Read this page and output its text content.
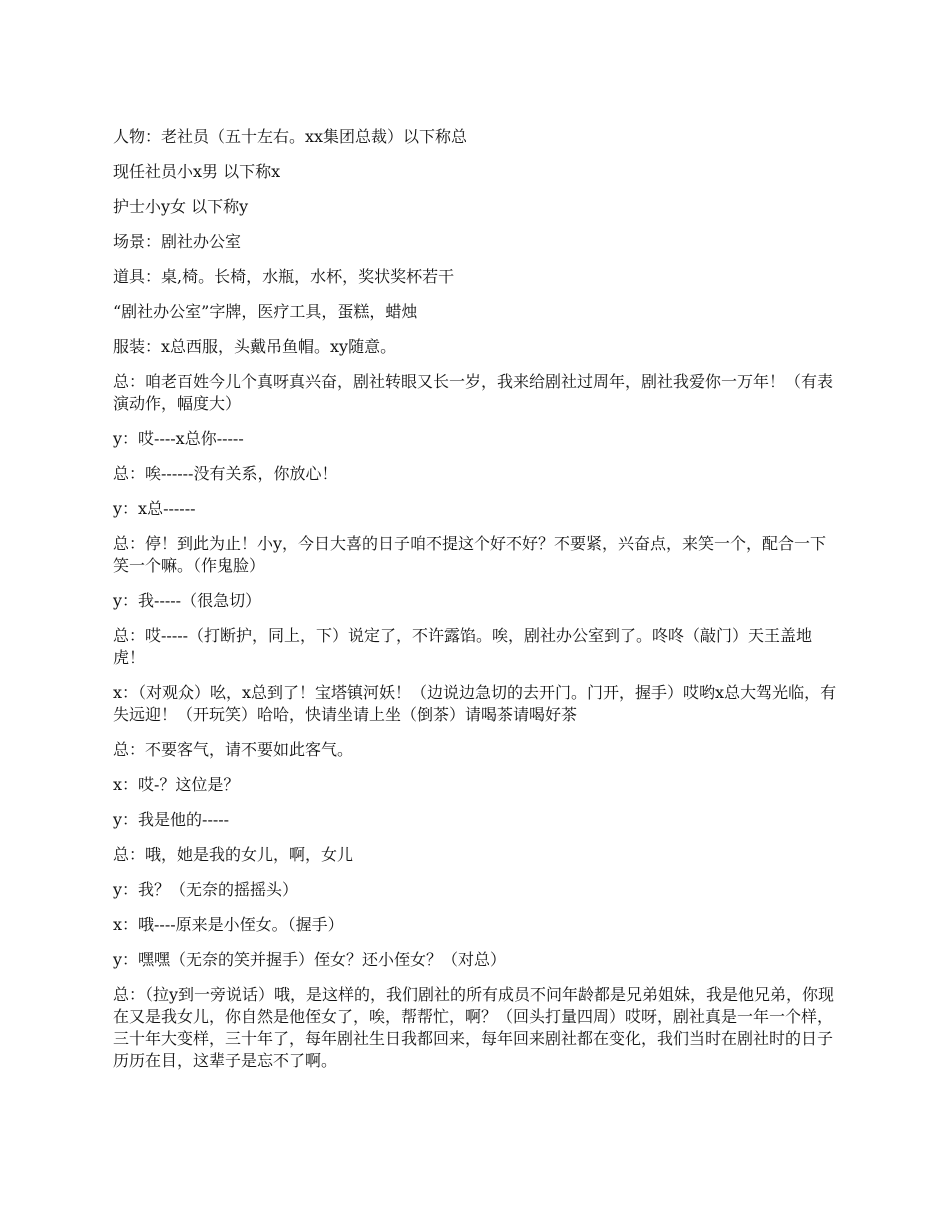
人物：老社员（五十左右。xx集团总裁）以下称总

现任社员小x男 以下称x

护士小y女 以下称y

场景：剧社办公室

道具：桌,椅。长椅，水瓶，水杯，奖状奖杯若干

“剧社办公室”字牌，医疗工具，蛋糕，蜡烛

服装：x总西服，头戴吊鱼帽。xy随意。

总：咱老百姓今儿个真呀真兴奋，剧社转眼又长一岁，我来给剧社过周年，剧社我爱你一万年！（有表演动作，幅度大）

y：哎----x总你-----

总：唉------没有关系，你放心！

y：x总------

总：停！到此为止！小y，今日大喜的日子咱不提这个好不好？不要紧，兴奋点，来笑一个，配合一下笑一个嘛。（作鬼脸）

y：我-----（很急切）

总：哎-----（打断护，同上，下）说定了，不许露馅。唉，剧社办公室到了。咚咚（敲门）天王盖地虎！

x：（对观众）吆，x总到了！宝塔镇河妖！（边说边急切的去开门。门开，握手）哎哟x总大驾光临，有失远迎！（开玩笑）哈哈，快请坐请上坐（倒茶）请喝茶请喝好茶

总：不要客气，请不要如此客气。

x：哎-？这位是？

y：我是他的-----

总：哦，她是我的女儿，啊，女儿

y：我？（无奈的摇摇头）

x：哦----原来是小侄女。（握手）

y：嘿嘿（无奈的笑并握手）侄女？还小侄女？（对总）

总：（拉y到一旁说话）哦，是这样的，我们剧社的所有成员不问年龄都是兄弟姐妹，我是他兄弟，你现在又是我女儿，你自然是他侄女了，唉，帮帮忙，啊？（回头打量四周）哎呀，剧社真是一年一个样，三十年大变样，三十年了，每年剧社生日我都回来，每年回来剧社都在变化，我们当时在剧社时的日子历历在目，这辈子是忘不了啊。
